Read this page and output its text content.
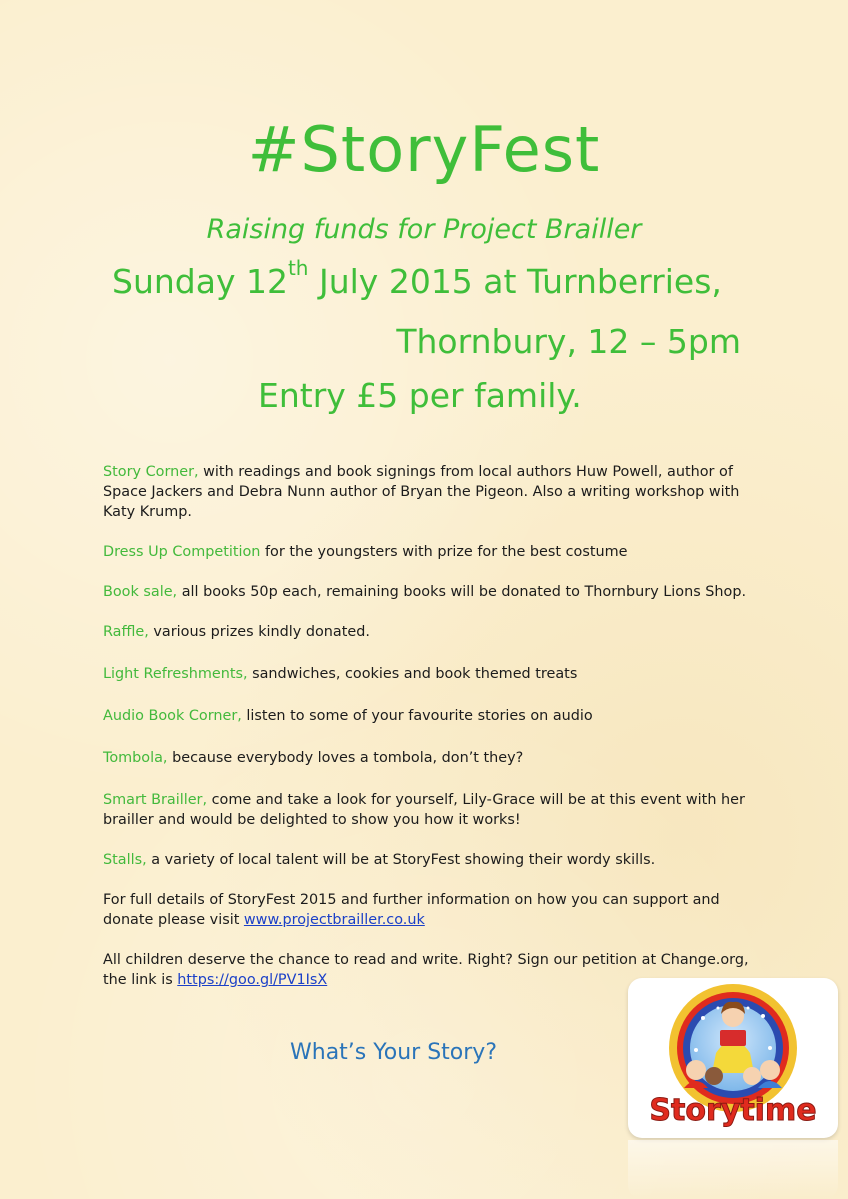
#StoryFest
Raising funds for Project Brailler
Sunday 12th July 2015 at Turnberries,
Thornbury, 12 – 5pm
Entry £5 per family.
Story Corner, with readings and book signings from local authors Huw Powell, author of Space Jackers and Debra Nunn author of Bryan the Pigeon. Also a writing workshop with Katy Krump.
Dress Up Competition for the youngsters with prize for the best costume
Book sale, all books 50p each, remaining books will be donated to Thornbury Lions Shop.
Raffle, various prizes kindly donated.
Light Refreshments, sandwiches, cookies and book themed treats
Audio Book Corner, listen to some of your favourite stories on audio
Tombola, because everybody loves a tombola, don’t they?
Smart Brailler, come and take a look for yourself, Lily-Grace will be at this event with her brailler and would be delighted to show you how it works!
Stalls, a variety of local talent will be at StoryFest showing their wordy skills.
For full details of StoryFest 2015 and further information on how you can support and donate please visit www.projectbrailler.co.uk
All children deserve the chance to read and write. Right? Sign our petition at Change.org, the link is https://goo.gl/PV1IsX
What’s Your Story?
Storytime
